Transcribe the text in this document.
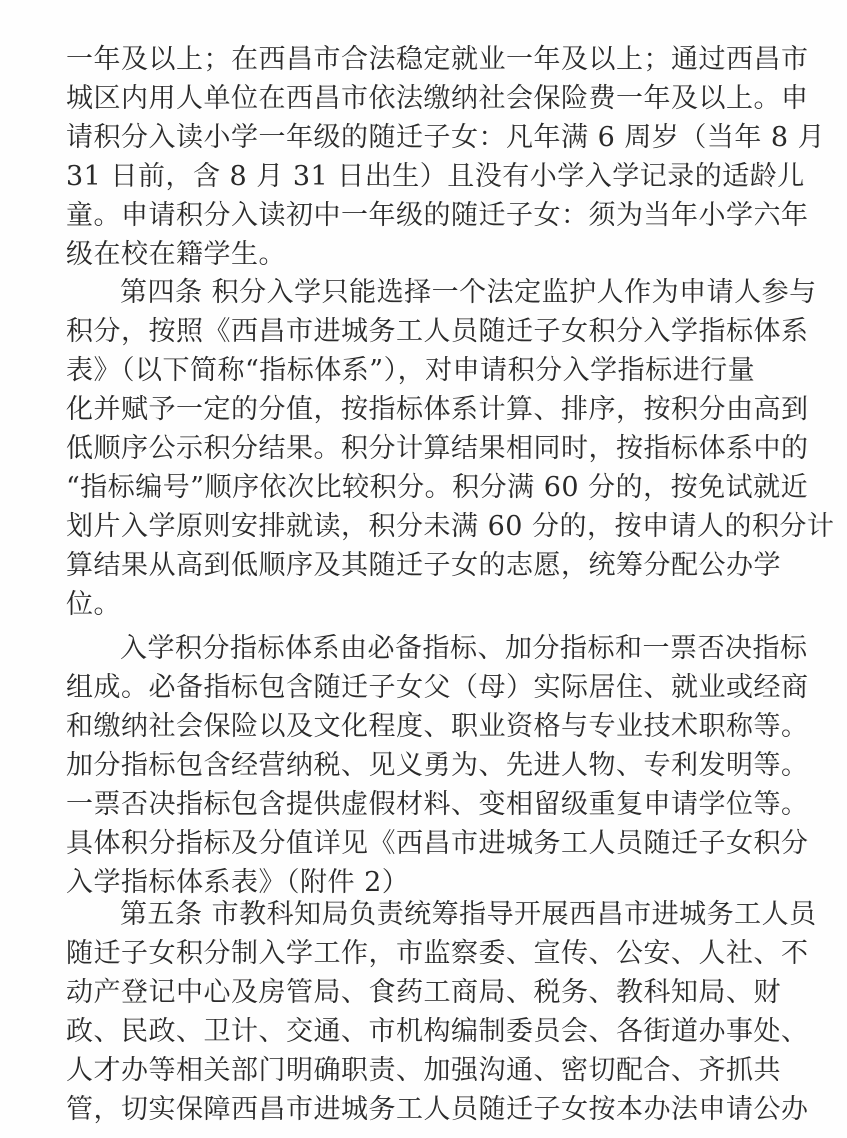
一年及以上；在西昌市合法稳定就业一年及以上；通过西昌市
城区内用人单位在西昌市依法缴纳社会保险费一年及以上。申
请积分入读小学一年级的随迁子女：凡年满 6 周岁（当年 8 月
31 日前，含 8 月 31 日出生）且没有小学入学记录的适龄儿
童。申请积分入读初中一年级的随迁子女：须为当年小学六年
级在校在籍学生。
第四条 积分入学只能选择一个法定监护人作为申请人参与
积分，按照《西昌市进城务工人员随迁子女积分入学指标体系
表》（以下简称“指标体系”），对申请积分入学指标进行量
化并赋予一定的分值，按指标体系计算、排序，按积分由高到
低顺序公示积分结果。积分计算结果相同时，按指标体系中的
“指标编号”顺序依次比较积分。积分满 60 分的，按免试就近
划片入学原则安排就读，积分未满 60 分的，按申请人的积分计
算结果从高到低顺序及其随迁子女的志愿，统筹分配公办学
位。
入学积分指标体系由必备指标、加分指标和一票否决指标
组成。必备指标包含随迁子女父（母）实际居住、就业或经商
和缴纳社会保险以及文化程度、职业资格与专业技术职称等。
加分指标包含经营纳税、见义勇为、先进人物、专利发明等。
一票否决指标包含提供虚假材料、变相留级重复申请学位等。
具体积分指标及分值详见《西昌市进城务工人员随迁子女积分
入学指标体系表》（附件 2）
第五条 市教科知局负责统筹指导开展西昌市进城务工人员
随迁子女积分制入学工作，市监察委、宣传、公安、人社、不
动产登记中心及房管局、食药工商局、税务、教科知局、财
政、民政、卫计、交通、市机构编制委员会、各街道办事处、
人才办等相关部门明确职责、加强沟通、密切配合、齐抓共
管，切实保障西昌市进城务工人员随迁子女按本办法申请公办
